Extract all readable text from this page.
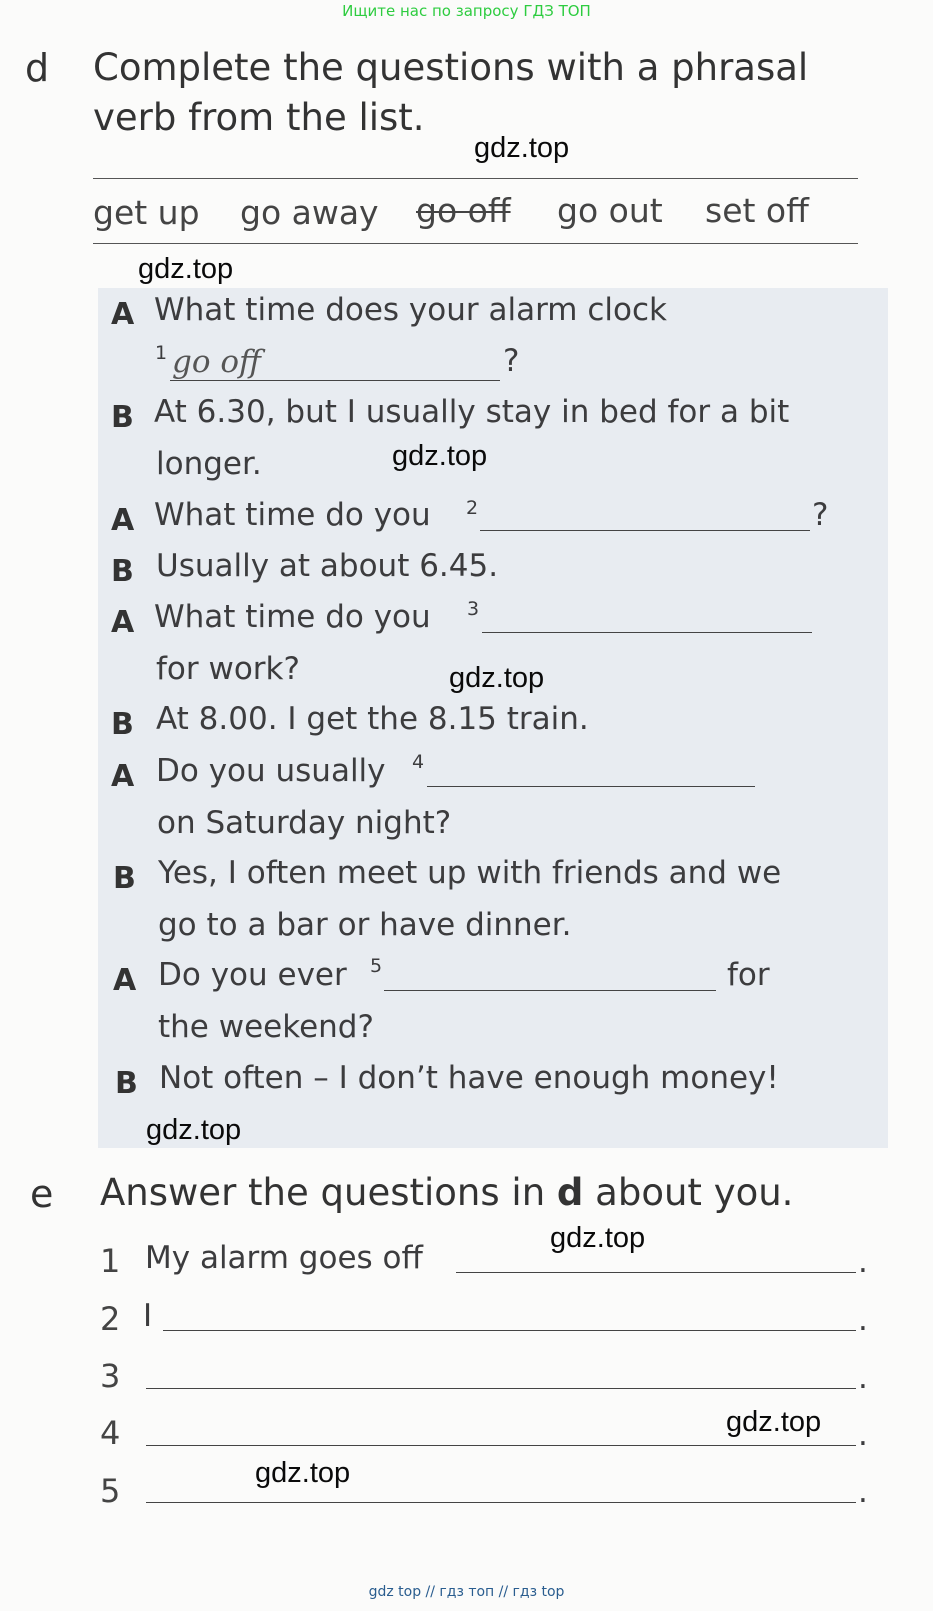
Ищите нас по запросу ГДЗ ТОП
gdz top // гдз топ // гдз top
d Complete the questions with a phrasal
verb from the list.
get up go away go off go out set off
A What time does your alarm clock
1 go off	?
B At 6.30, but I usually stay in bed for a bit
longer.
A What time do you 2	?
B Usually at about 6.45.
A What time do you 3
for work?
B At 8.00. I get the 8.15 train.
A Do you usually 4
on Saturday night?
B Yes, I often meet up with friends and we
go to a bar or have dinner.
A Do you ever 5	for
the weekend?
B Not often – I don’t have enough money!
e Answer the questions in d about you.
1 My alarm goes off	.
2 I	.
3	.
4	.
5	.
gdz.top
gdz.top
gdz.top
gdz.top
gdz.top
gdz.top
gdz.top
gdz.top
